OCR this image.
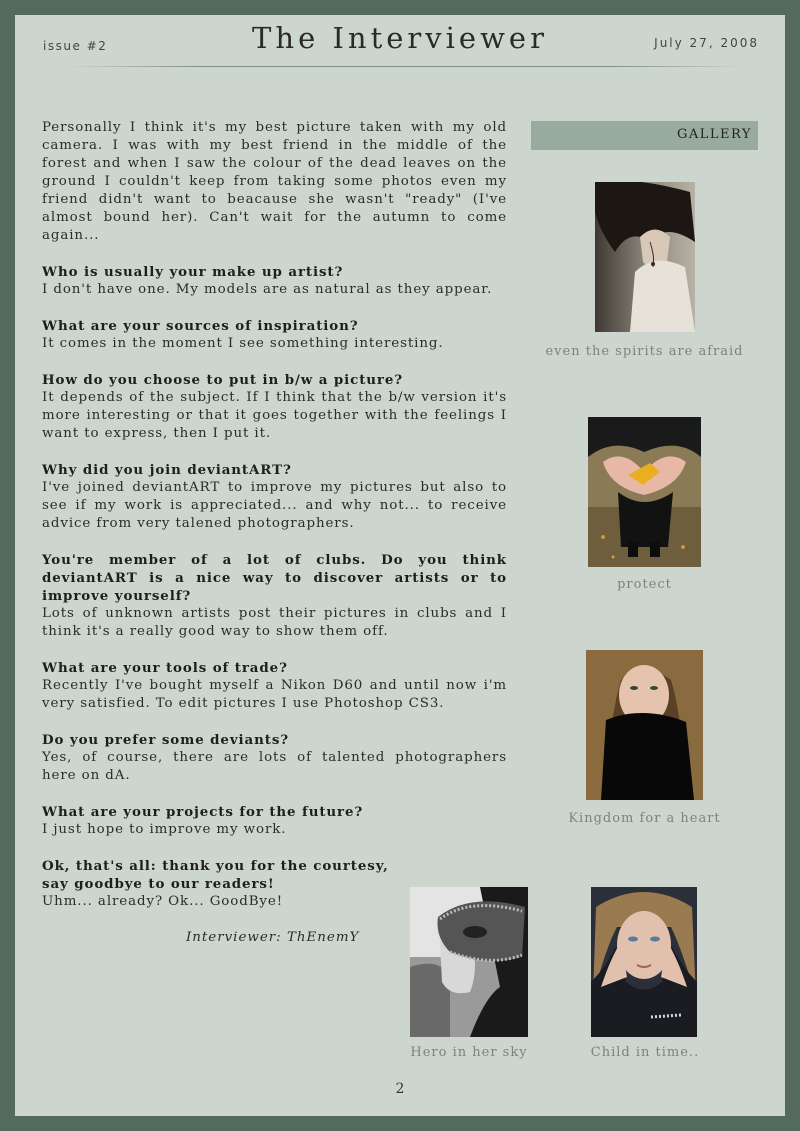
issue #2	The Interviewer	July 27, 2008

Personally I think it's my best picture taken with my old camera. I was with my best friend in the middle of the forest and when I saw the colour of the dead leaves on the ground I couldn't keep from taking some photos even my friend didn't want to beacause she wasn't "ready" (I've almost bound her). Can't wait for the autumn to come again...

Who is usually your make up artist?
I don't have one. My models are as natural as they appear.

What are your sources of inspiration?
It comes in the moment I see something interesting.

How do you choose to put in b/w a picture?
It depends of the subject. If I think that the b/w version it's more interesting or that it goes together with the feelings I want to express, then I put it.

Why did you join deviantART?
I've joined deviantART to improve my pictures but also to see if my work is appreciated... and why not... to receive advice from very talened photographers.

You're member of a lot of clubs. Do you think deviantART is a nice way to discover artists or to improve yourself?
Lots of unknown artists post their pictures in clubs and I think it's a really good way to show them off.

What are your tools of trade?
Recently I've bought myself a Nikon D60 and until now i'm very satisfied. To edit pictures I use Photoshop CS3.

Do you prefer some deviants?
Yes, of course, there are lots of talented photographers here on dA.

What are your projects for the future?
I just hope to improve my work.

Ok, that's all: thank you for the courtesy, say goodbye to our readers!
Uhm... already? Ok... GoodBye!

Interviewer: ThEnemY
GALLERY
even the spirits are afraid
protect
Kingdom for a heart
Hero in her sky	Child in time..
2
